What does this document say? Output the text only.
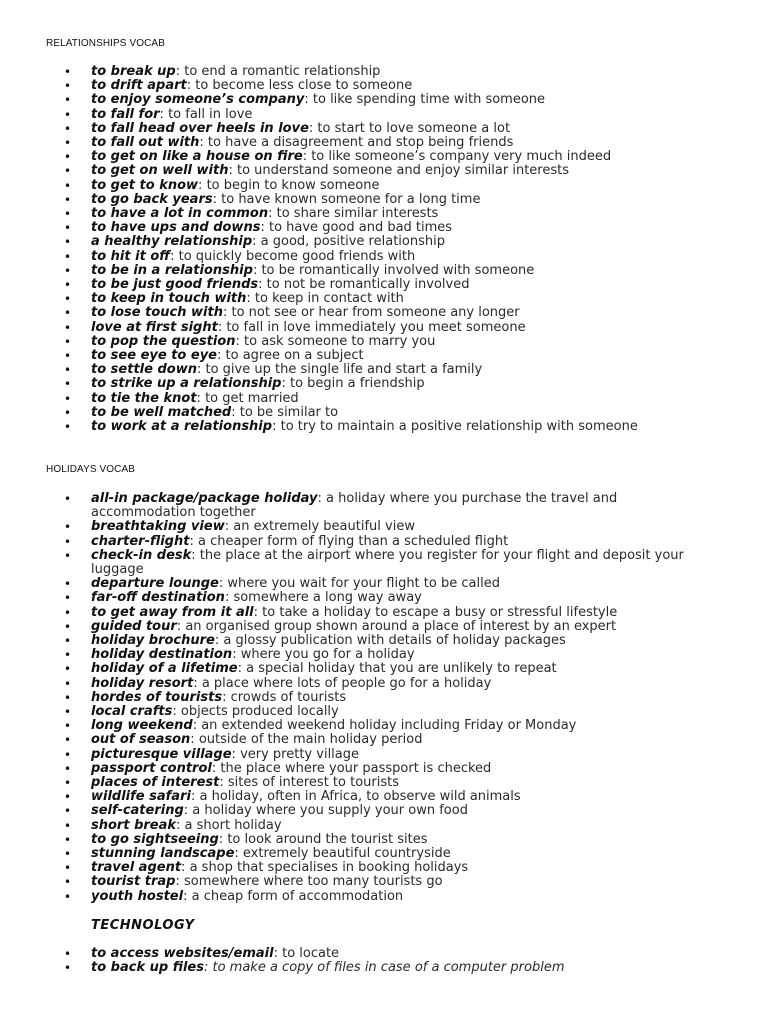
RELATIONSHIPS VOCAB
• to break up: to end a romantic relationship
• to drift apart: to become less close to someone
• to enjoy someone’s company: to like spending time with someone
• to fall for: to fall in love
• to fall head over heels in love: to start to love someone a lot
• to fall out with: to have a disagreement and stop being friends
• to get on like a house on fire: to like someone’s company very much indeed
• to get on well with: to understand someone and enjoy similar interests
• to get to know: to begin to know someone
• to go back years: to have known someone for a long time
• to have a lot in common: to share similar interests
• to have ups and downs: to have good and bad times
• a healthy relationship: a good, positive relationship
• to hit it off: to quickly become good friends with
• to be in a relationship: to be romantically involved with someone
• to be just good friends: to not be romantically involved
• to keep in touch with: to keep in contact with
• to lose touch with: to not see or hear from someone any longer
• love at first sight: to fall in love immediately you meet someone
• to pop the question: to ask someone to marry you
• to see eye to eye: to agree on a subject
• to settle down: to give up the single life and start a family
• to strike up a relationship: to begin a friendship
• to tie the knot: to get married
• to be well matched: to be similar to
• to work at a relationship: to try to maintain a positive relationship with someone
HOLIDAYS VOCAB
• all-in package/package holiday: a holiday where you purchase the travel and accommodation together
• breathtaking view: an extremely beautiful view
• charter-flight: a cheaper form of flying than a scheduled flight
• check-in desk: the place at the airport where you register for your flight and deposit your luggage
• departure lounge: where you wait for your flight to be called
• far-off destination: somewhere a long way away
• to get away from it all: to take a holiday to escape a busy or stressful lifestyle
• guided tour: an organised group shown around a place of interest by an expert
• holiday brochure: a glossy publication with details of holiday packages
• holiday destination: where you go for a holiday
• holiday of a lifetime: a special holiday that you are unlikely to repeat
• holiday resort: a place where lots of people go for a holiday
• hordes of tourists: crowds of tourists
• local crafts: objects produced locally
• long weekend: an extended weekend holiday including Friday or Monday
• out of season: outside of the main holiday period
• picturesque village: very pretty village
• passport control: the place where your passport is checked
• places of interest: sites of interest to tourists
• wildlife safari: a holiday, often in Africa, to observe wild animals
• self-catering: a holiday where you supply your own food
• short break: a short holiday
• to go sightseeing: to look around the tourist sites
• stunning landscape: extremely beautiful countryside
• travel agent: a shop that specialises in booking holidays
• tourist trap: somewhere where too many tourists go
• youth hostel: a cheap form of accommodation
TECHNOLOGY
• to access websites/email: to locate
• to back up files: to make a copy of files in case of a computer problem
